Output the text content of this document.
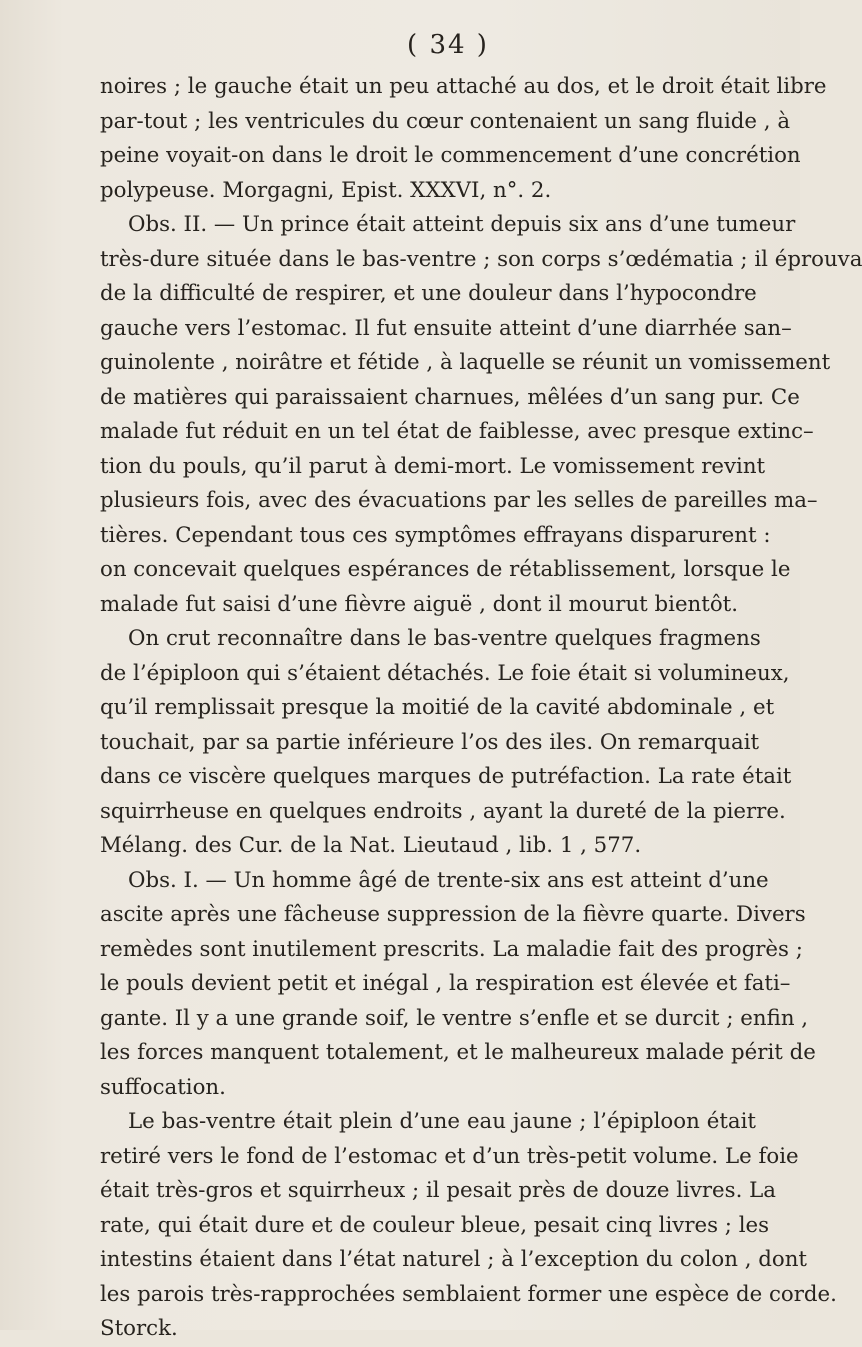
( 34 )
noires ; le gauche était un peu attaché au dos, et le droit était libre
par-tout ; les ventricules du cœur contenaient un sang fluide , à
peine voyait-on dans le droit le commencement d’une concrétion
polypeuse. Morgagni, Epist. XXXVI, n°. 2.
Obs. II. — Un prince était atteint depuis six ans d’une tumeur
très-dure située dans le bas-ventre ; son corps s’œdématia ; il éprouva
de la difficulté de respirer, et une douleur dans l’hypocondre
gauche vers l’estomac. Il fut ensuite atteint d’une diarrhée san–
guinolente , noirâtre et fétide , à laquelle se réunit un vomissement
de matières qui paraissaient charnues, mêlées d’un sang pur. Ce
malade fut réduit en un tel état de faiblesse, avec presque extinc–
tion du pouls, qu’il parut à demi-mort. Le vomissement revint
plusieurs fois, avec des évacuations par les selles de pareilles ma–
tières. Cependant tous ces symptômes effrayans disparurent :
on concevait quelques espérances de rétablissement, lorsque le
malade fut saisi d’une fièvre aiguë , dont il mourut bientôt.
On crut reconnaître dans le bas-ventre quelques fragmens
de l’épiploon qui s’étaient détachés. Le foie était si volumineux,
qu’il remplissait presque la moitié de la cavité abdominale , et
touchait, par sa partie inférieure l’os des iles. On remarquait
dans ce viscère quelques marques de putréfaction. La rate était
squirrheuse en quelques endroits , ayant la dureté de la pierre.
Mélang. des Cur. de la Nat. Lieutaud , lib. 1 , 577.
Obs. I. — Un homme âgé de trente-six ans est atteint d’une
ascite après une fâcheuse suppression de la fièvre quarte. Divers
remèdes sont inutilement prescrits. La maladie fait des progrès ;
le pouls devient petit et inégal , la respiration est élevée et fati–
gante. Il y a une grande soif, le ventre s’enfle et se durcit ; enfin ,
les forces manquent totalement, et le malheureux malade périt de
suffocation.
Le bas-ventre était plein d’une eau jaune ; l’épiploon était
retiré vers le fond de l’estomac et d’un très-petit volume. Le foie
était très-gros et squirrheux ; il pesait près de douze livres. La
rate, qui était dure et de couleur bleue, pesait cinq livres ; les
intestins étaient dans l’état naturel ; à l’exception du colon , dont
les parois très-rapprochées semblaient former une espèce de corde.
Storck.
